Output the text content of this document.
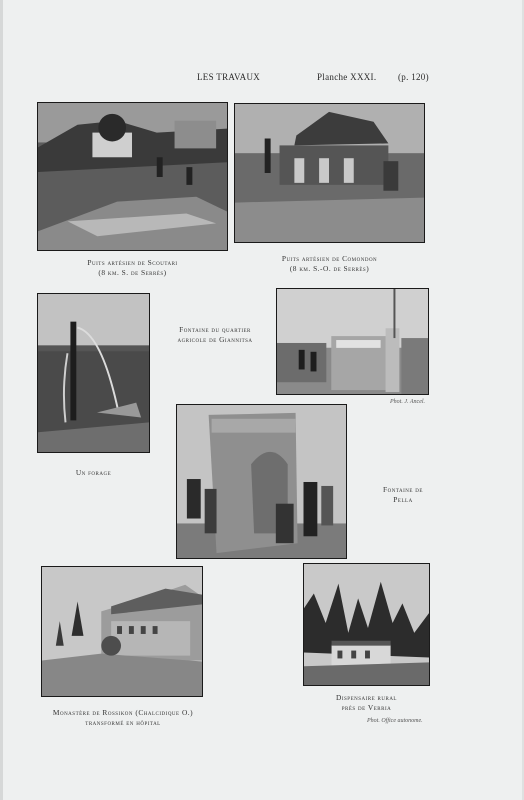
LES TRAVAUX	Planche XXXI. (p. 120)
Puits artésien de Scoutari
(8 km. S. de Serrès)
Puits artésien de Comondon
(8 km. S.-O. de Serrès)
Un forage
Fontaine du quartier
agricole de Giannitsa
Phot. J. Ancel.
Fontaine de
Pella
Monastère de Rossikon (Chalcidique O.)
transformé en hôpital
Dispensaire rural
près de Verria
Phot. Office autonome.
